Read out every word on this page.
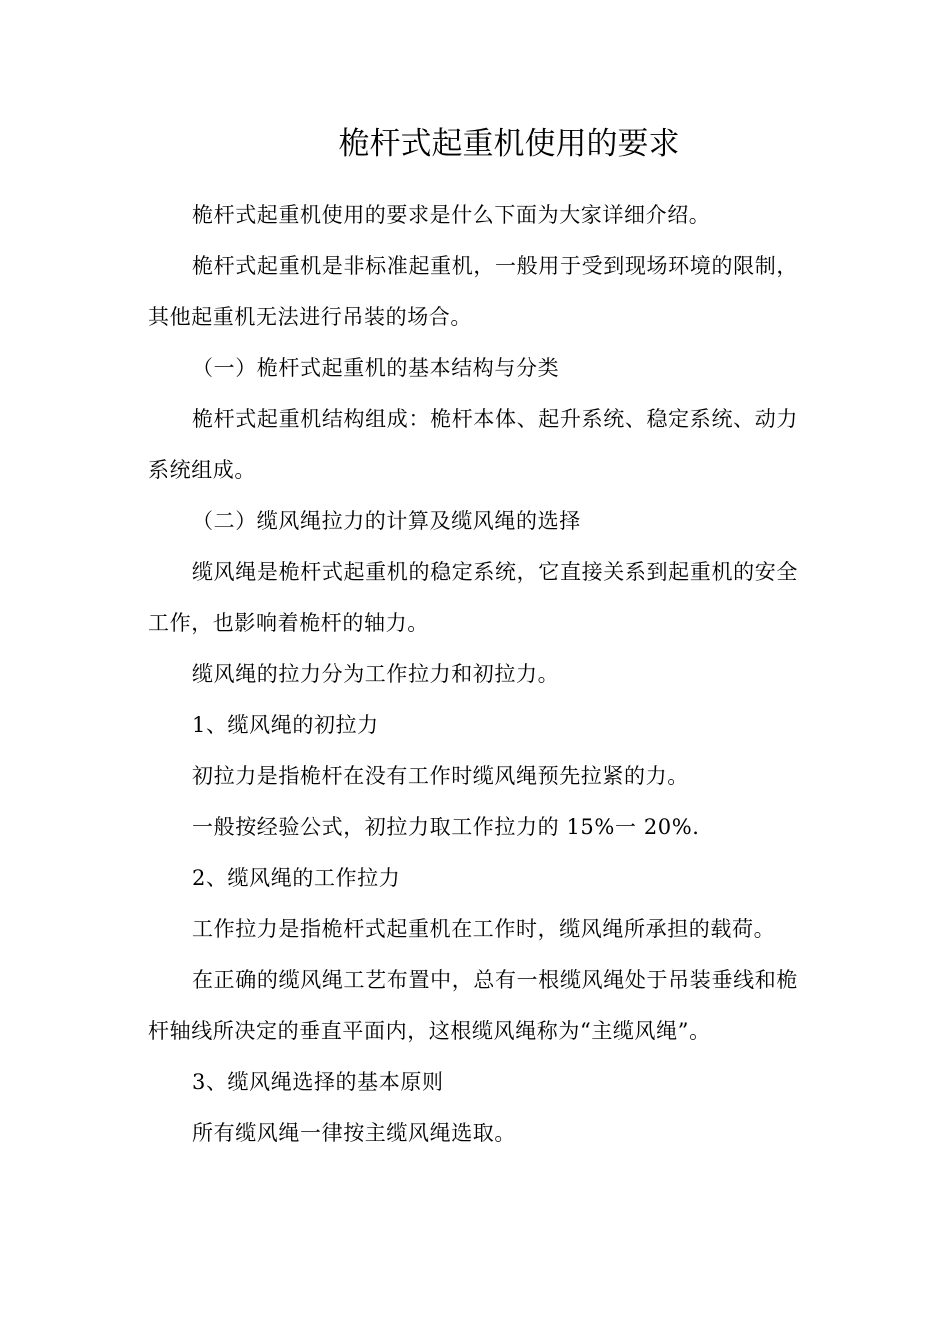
桅杆式起重机使用的要求

桅杆式起重机使用的要求是什么下面为大家详细介绍。

桅杆式起重机是非标准起重机，一般用于受到现场环境的限制，其他起重机无法进行吊装的场合。

（一）桅杆式起重机的基本结构与分类

桅杆式起重机结构组成：桅杆本体、起升系统、稳定系统、动力系统组成。

（二）缆风绳拉力的计算及缆风绳的选择

缆风绳是桅杆式起重机的稳定系统，它直接关系到起重机的安全工作，也影响着桅杆的轴力。

缆风绳的拉力分为工作拉力和初拉力。

1、缆风绳的初拉力

初拉力是指桅杆在没有工作时缆风绳预先拉紧的力。

一般按经验公式，初拉力取工作拉力的 15%一 20%.

2、缆风绳的工作拉力

工作拉力是指桅杆式起重机在工作时，缆风绳所承担的载荷。

在正确的缆风绳工艺布置中，总有一根缆风绳处于吊装垂线和桅杆轴线所决定的垂直平面内，这根缆风绳称为“主缆风绳”。

3、缆风绳选择的基本原则

所有缆风绳一律按主缆风绳选取。
